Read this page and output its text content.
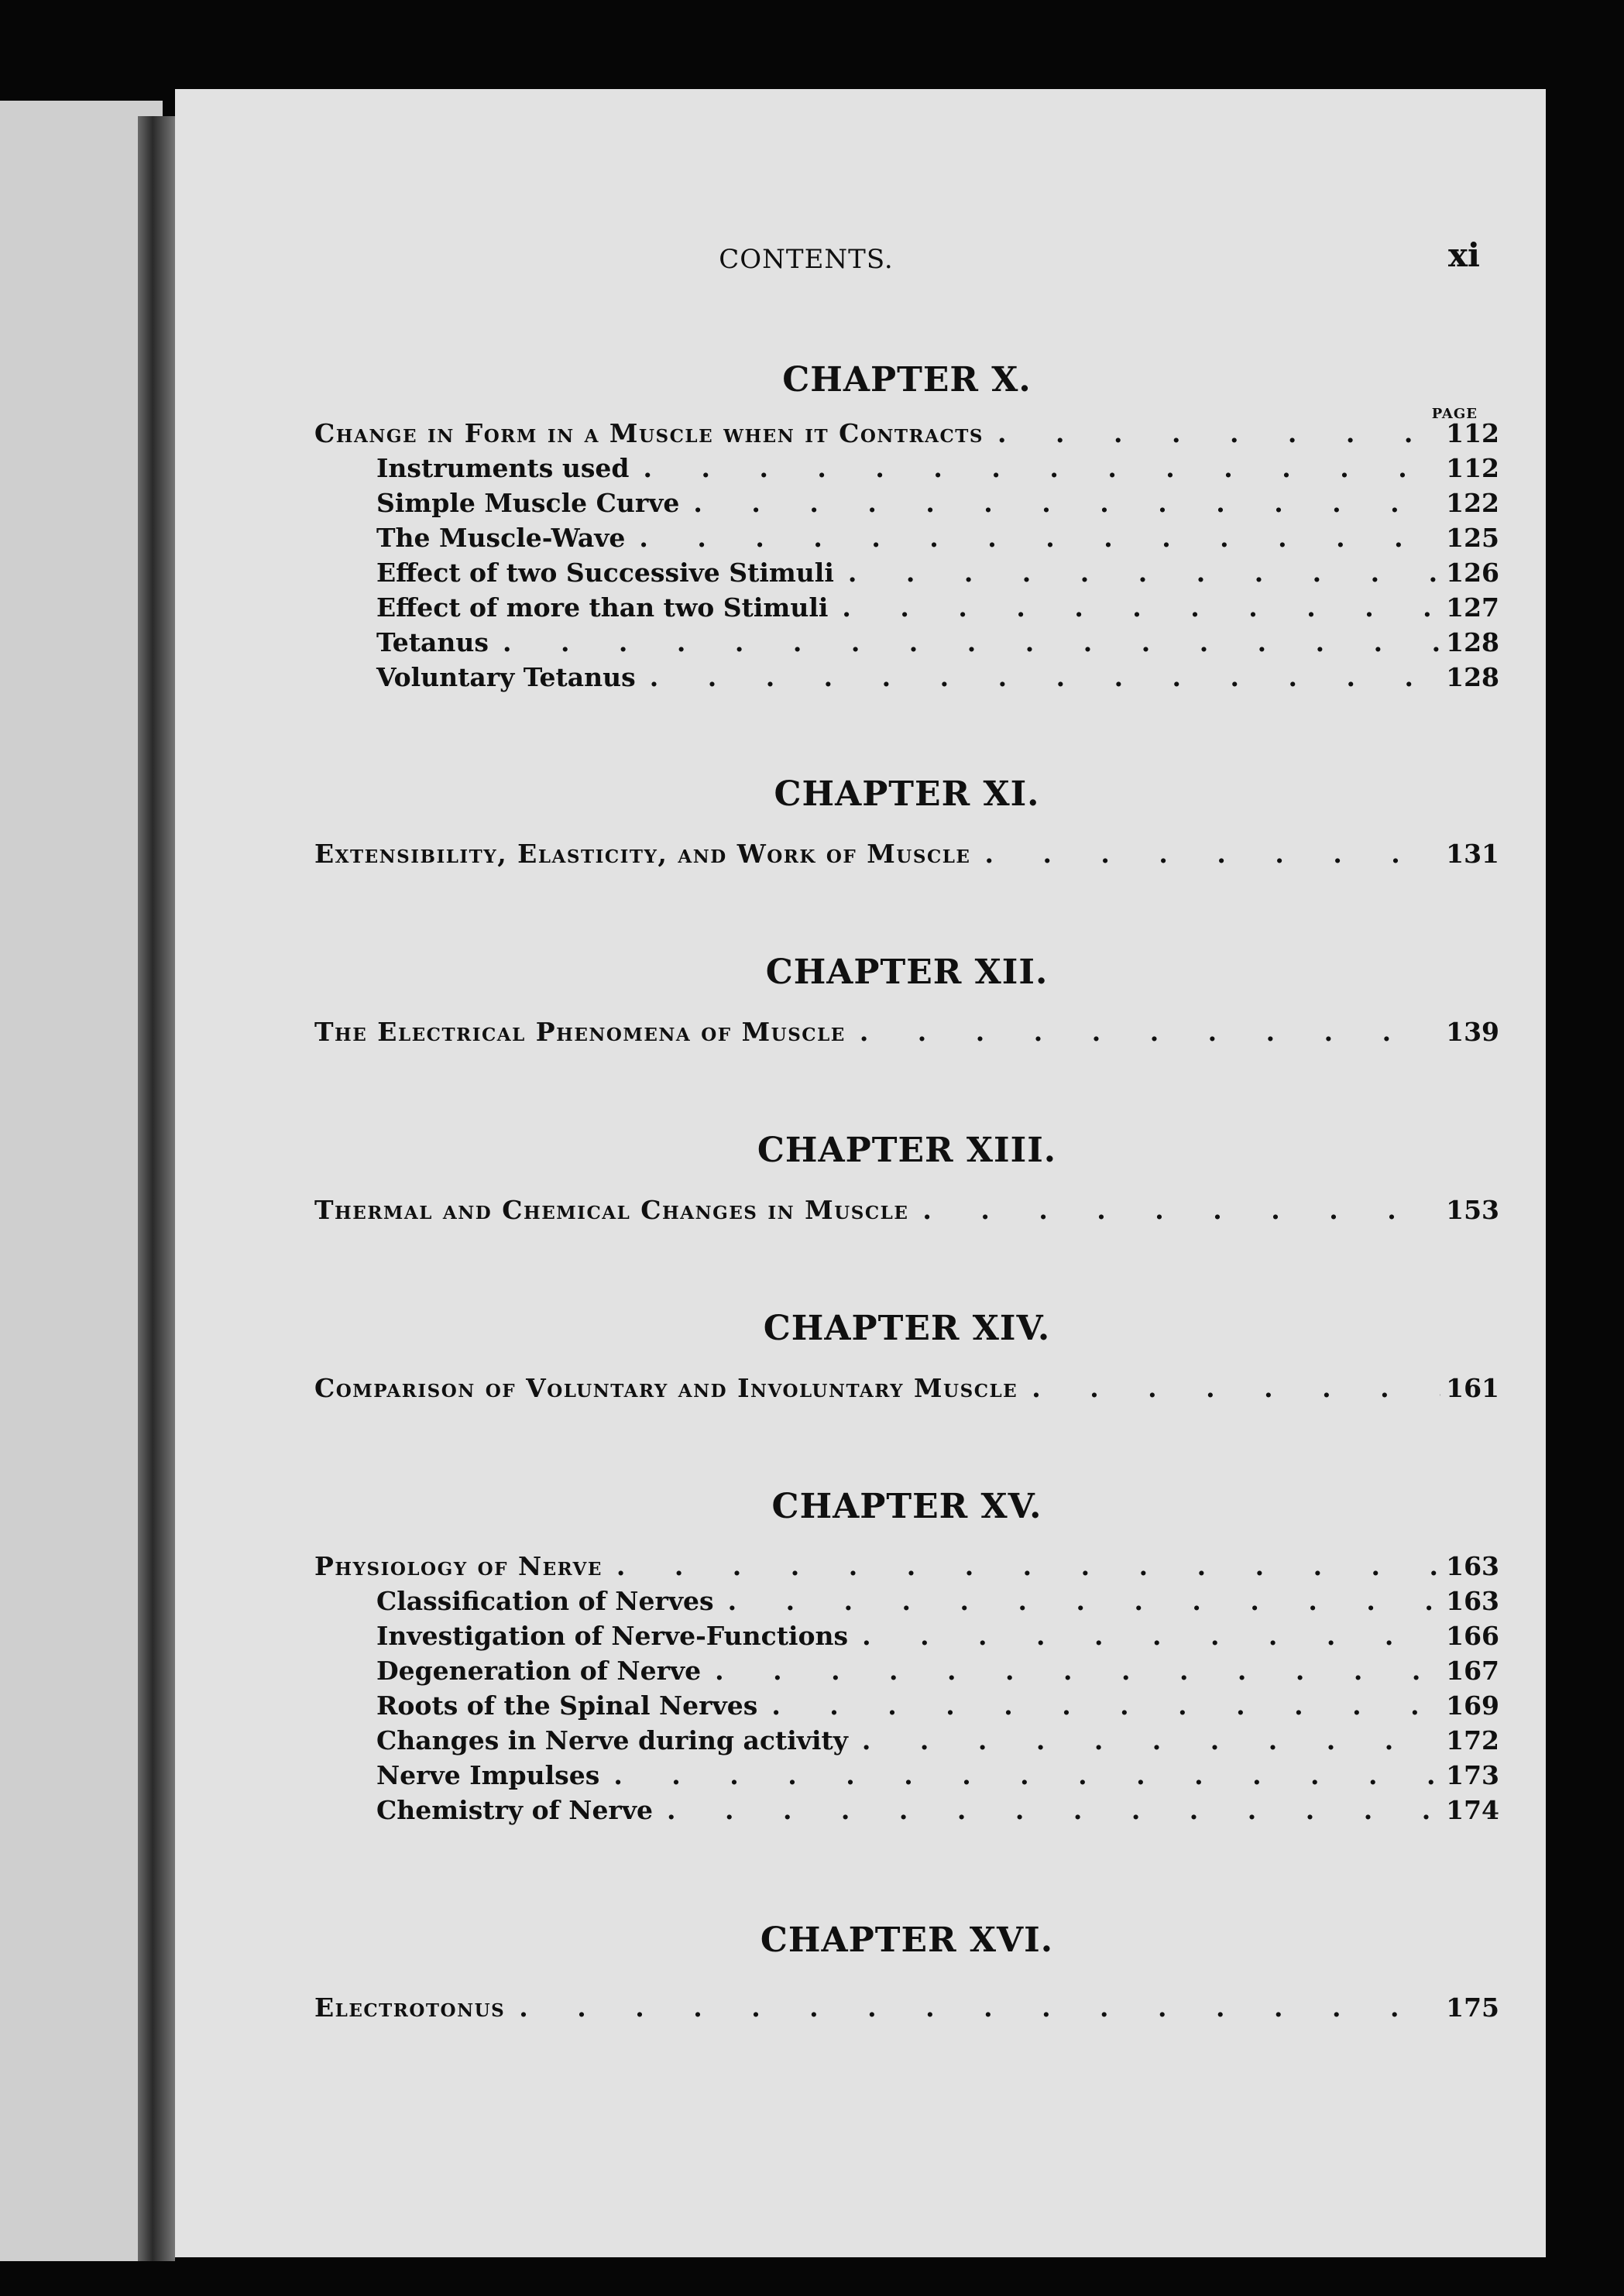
CONTENTS.	xi
CHAPTER X.
PAGE
Change in Form in a Muscle when it Contracts . . .	112
Instruments used . . .	112
Simple Muscle Curve . . .	122
The Muscle-Wave . . .	125
Effect of two Successive Stimuli . . .	126
Effect of more than two Stimuli . . .	127
Tetanus . . .	128
Voluntary Tetanus . . .	128
CHAPTER XI.
Extensibility, Elasticity, and Work of Muscle . . .	131
CHAPTER XII.
The Electrical Phenomena of Muscle . . .	139
CHAPTER XIII.
Thermal and Chemical Changes in Muscle . . .	153
CHAPTER XIV.
Comparison of Voluntary and Involuntary Muscle . . .	161
CHAPTER XV.
Physiology of Nerve . . .	163
Classification of Nerves . . .	163
Investigation of Nerve-Functions . . .	166
Degeneration of Nerve . . .	167
Roots of the Spinal Nerves . . .	169
Changes in Nerve during activity . . .	172
Nerve Impulses . . .	173
Chemistry of Nerve . . .	174
CHAPTER XVI.
Electrotonus . . .	175
